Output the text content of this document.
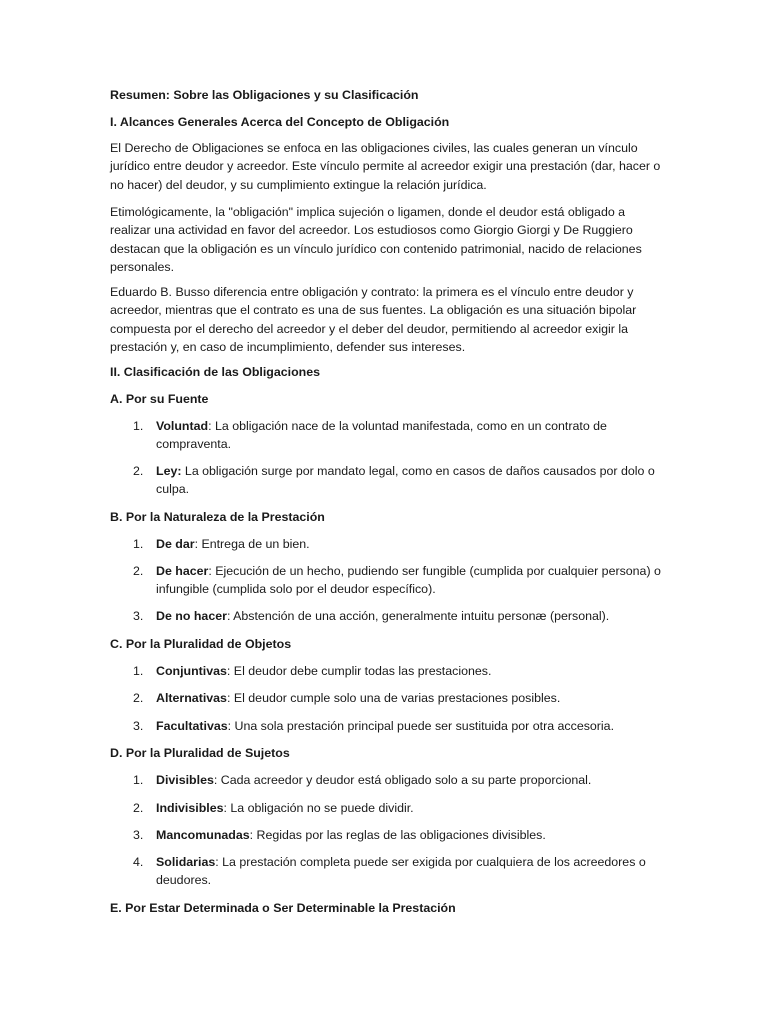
Resumen: Sobre las Obligaciones y su Clasificación
I. Alcances Generales Acerca del Concepto de Obligación

El Derecho de Obligaciones se enfoca en las obligaciones civiles, las cuales generan un vínculo jurídico entre deudor y acreedor. Este vínculo permite al acreedor exigir una prestación (dar, hacer o no hacer) del deudor, y su cumplimiento extingue la relación jurídica.

Etimológicamente, la "obligación" implica sujeción o ligamen, donde el deudor está obligado a realizar una actividad en favor del acreedor. Los estudiosos como Giorgio Giorgi y De Ruggiero destacan que la obligación es un vínculo jurídico con contenido patrimonial, nacido de relaciones personales.

Eduardo B. Busso diferencia entre obligación y contrato: la primera es el vínculo entre deudor y acreedor, mientras que el contrato es una de sus fuentes. La obligación es una situación bipolar compuesta por el derecho del acreedor y el deber del deudor, permitiendo al acreedor exigir la prestación y, en caso de incumplimiento, defender sus intereses.

II. Clasificación de las Obligaciones
A. Por su Fuente
1.	Voluntad: La obligación nace de la voluntad manifestada, como en un contrato de compraventa.
2.	Ley: La obligación surge por mandato legal, como en casos de daños causados por dolo o culpa.
B. Por la Naturaleza de la Prestación
1.	De dar: Entrega de un bien.
2.	De hacer: Ejecución de un hecho, pudiendo ser fungible (cumplida por cualquier persona) o infungible (cumplida solo por el deudor específico).
3.	De no hacer: Abstención de una acción, generalmente intuitu personæ (personal).
C. Por la Pluralidad de Objetos
1.	Conjuntivas: El deudor debe cumplir todas las prestaciones.
2.	Alternativas: El deudor cumple solo una de varias prestaciones posibles.
3.	Facultativas: Una sola prestación principal puede ser sustituida por otra accesoria.
D. Por la Pluralidad de Sujetos
1.	Divisibles: Cada acreedor y deudor está obligado solo a su parte proporcional.
2.	Indivisibles: La obligación no se puede dividir.
3.	Mancomunadas: Regidas por las reglas de las obligaciones divisibles.
4.	Solidarias: La prestación completa puede ser exigida por cualquiera de los acreedores o deudores.
E. Por Estar Determinada o Ser Determinable la Prestación
